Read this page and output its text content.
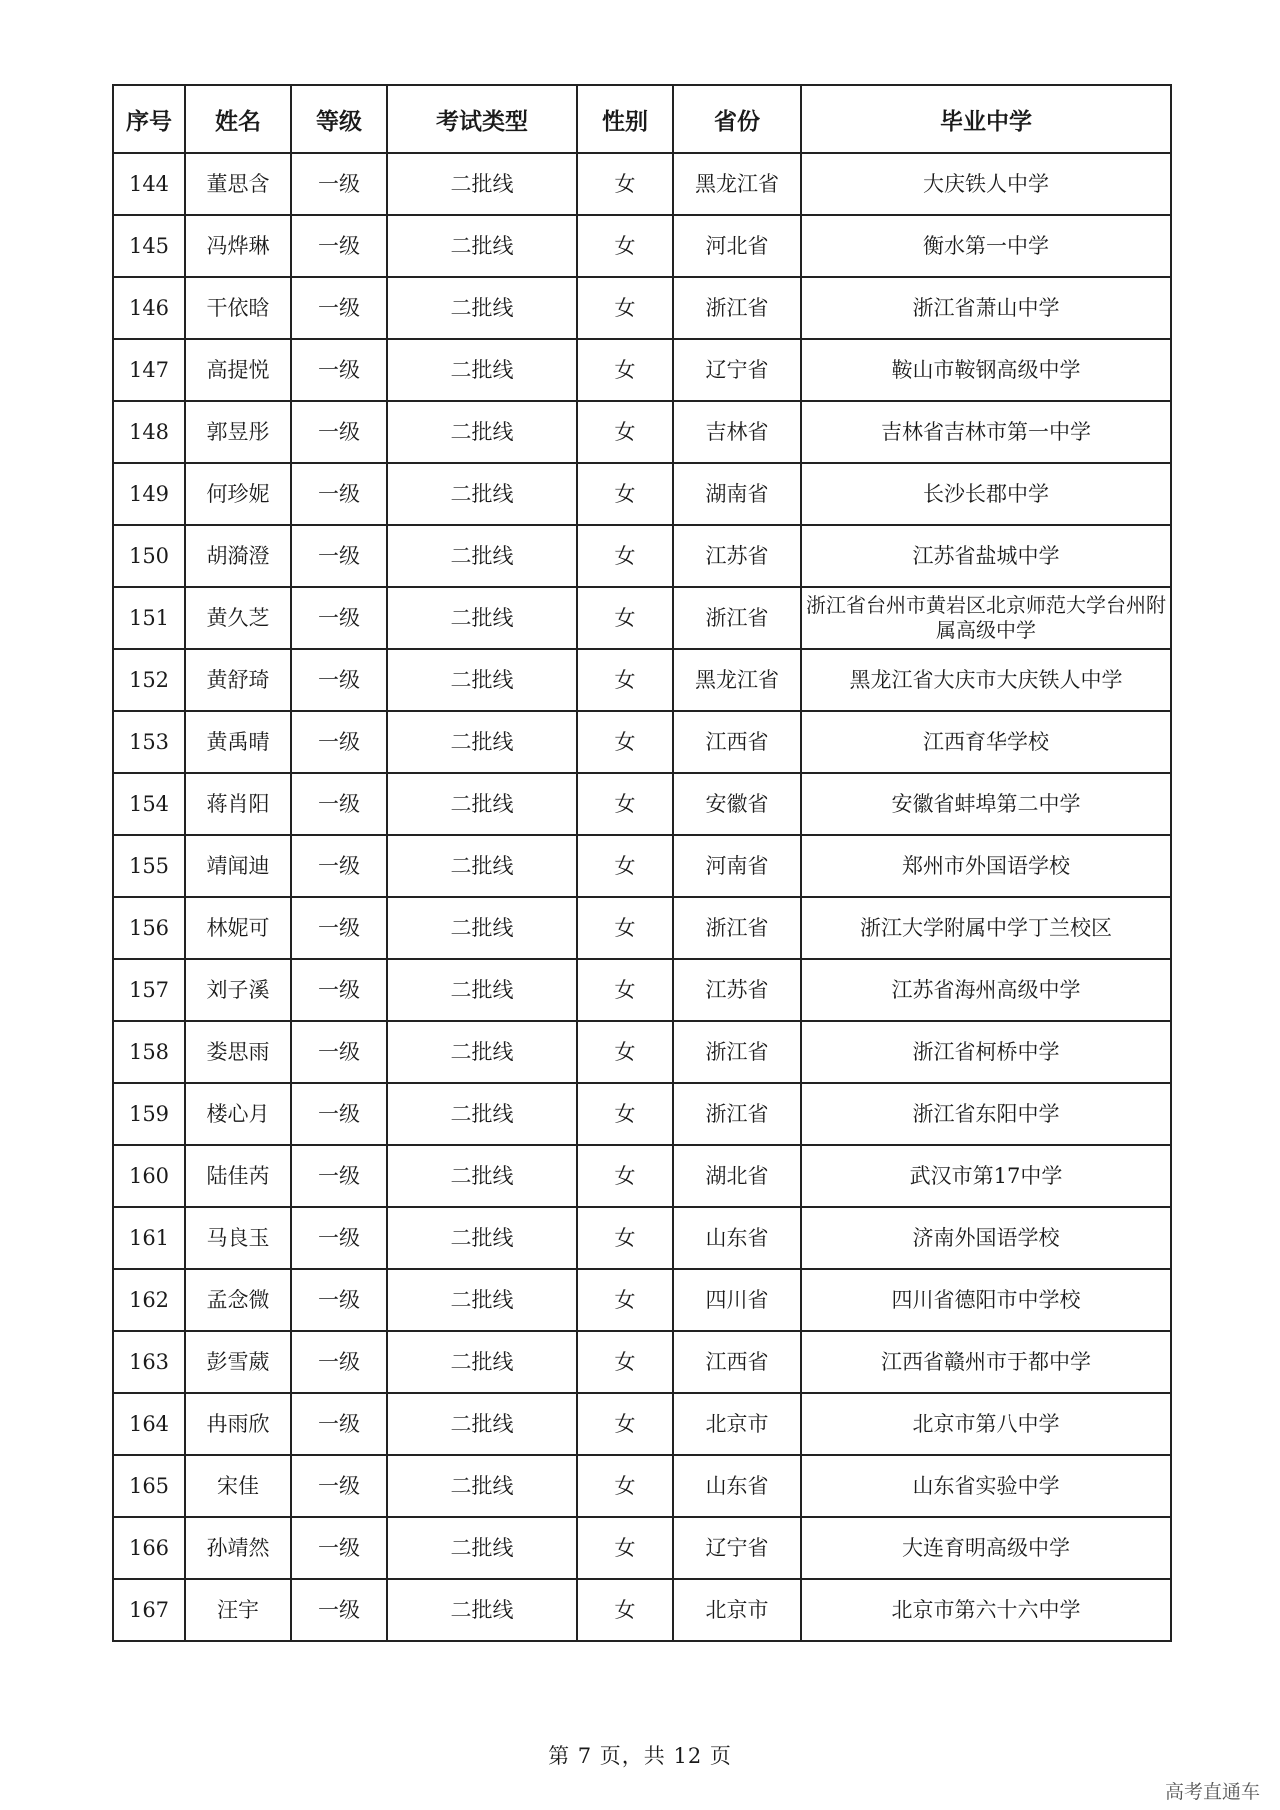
序号	姓名	等级	考试类型	性别	省份	毕业中学
144	董思含	一级	二批线	女	黑龙江省	大庆铁人中学
145	冯烨琳	一级	二批线	女	河北省	衡水第一中学
146	干依晗	一级	二批线	女	浙江省	浙江省萧山中学
147	高提悦	一级	二批线	女	辽宁省	鞍山市鞍钢高级中学
148	郭昱彤	一级	二批线	女	吉林省	吉林省吉林市第一中学
149	何珍妮	一级	二批线	女	湖南省	长沙长郡中学
150	胡漪澄	一级	二批线	女	江苏省	江苏省盐城中学
151	黄久芝	一级	二批线	女	浙江省	浙江省台州市黄岩区北京师范大学台州附属高级中学
152	黄舒琦	一级	二批线	女	黑龙江省	黑龙江省大庆市大庆铁人中学
153	黄禹晴	一级	二批线	女	江西省	江西育华学校
154	蒋肖阳	一级	二批线	女	安徽省	安徽省蚌埠第二中学
155	靖闻迪	一级	二批线	女	河南省	郑州市外国语学校
156	林妮可	一级	二批线	女	浙江省	浙江大学附属中学丁兰校区
157	刘子溪	一级	二批线	女	江苏省	江苏省海州高级中学
158	娄思雨	一级	二批线	女	浙江省	浙江省柯桥中学
159	楼心月	一级	二批线	女	浙江省	浙江省东阳中学
160	陆佳芮	一级	二批线	女	湖北省	武汉市第17中学
161	马良玉	一级	二批线	女	山东省	济南外国语学校
162	孟念微	一级	二批线	女	四川省	四川省德阳市中学校
163	彭雪葳	一级	二批线	女	江西省	江西省赣州市于都中学
164	冉雨欣	一级	二批线	女	北京市	北京市第八中学
165	宋佳	一级	二批线	女	山东省	山东省实验中学
166	孙靖然	一级	二批线	女	辽宁省	大连育明高级中学
167	汪宇	一级	二批线	女	北京市	北京市第六十六中学
第 7 页，共 12 页
高考直通车
